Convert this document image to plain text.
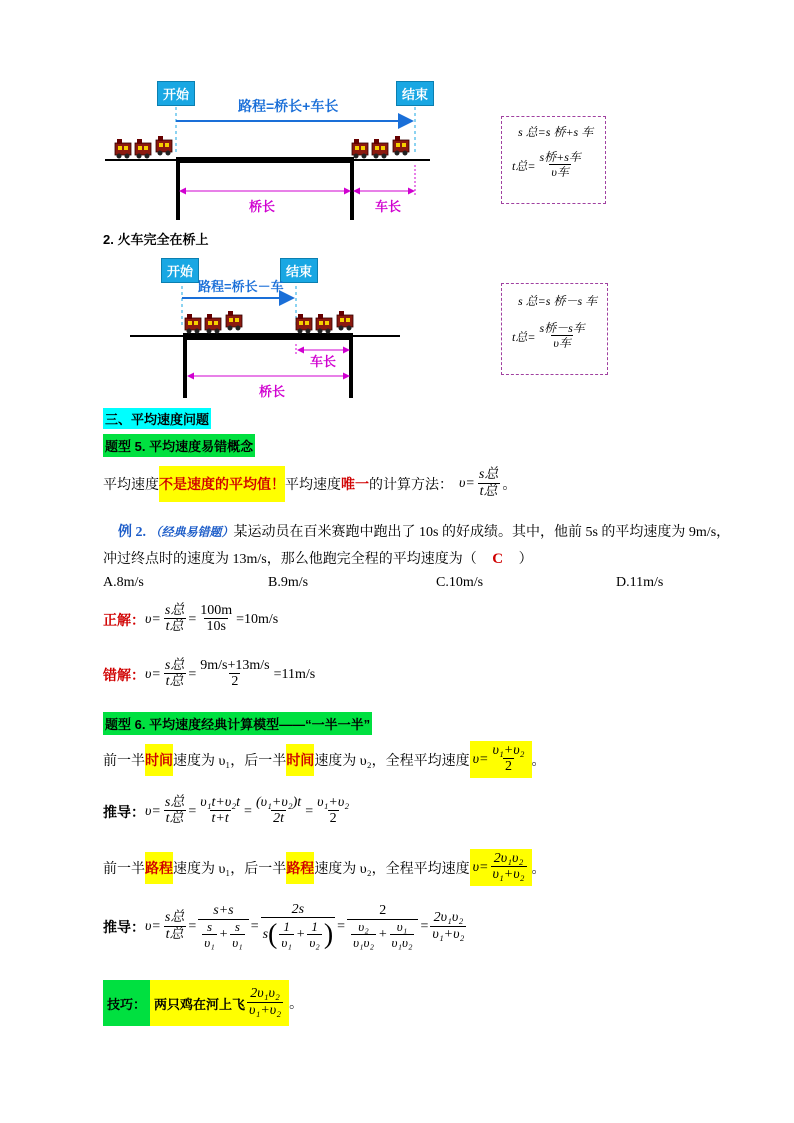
开始	结束
路程=桥长+车长
桥长	车长
s 总=s 桥+s 车
t总= $\frac{\text{s桥+s车}}{\text{υ车}}$
2. 火车完全在桥上
开始	结束
路程=桥长－车
车长
桥长
s 总=s 桥－s 车
t总= $\frac{\text{s桥－s车}}{\text{υ车}}$
三、平均速度问题
题型 5. 平均速度易错概念
平均速度 不是速度的平均值！ 平均速度 唯一 的计算方法： $\upsilon= \frac{\text{s总}}{\text{t总}}$ 。
例 2. （经典易错题）某运动员在百米赛跑中跑出了 10s 的好成绩。其中，他前 5s 的平均速度为 9m/s，
冲过终点时的速度为 13m/s，那么他跑完全程的平均速度为（ C ）
A.8m/s	B.9m/s	C.10m/s	D.11m/s
正解： $\upsilon= \frac{\text{s总}}{\text{t总}} = \frac{100m}{10s} =10m/s$
错解： $\upsilon= \frac{\text{s总}}{\text{t总}} = \frac{9m/s+13m/s}{2} =11m/s$
题型 6. 平均速度经典计算模型——“一半一半”
前一半 时间 速度为 υ₁，后一半 时间 速度为 υ₂，全程平均速度 $\upsilon= \frac{\text{υ₁+υ₂}}{2}$ 。
推导： $\upsilon= \frac{\text{s总}}{\text{t总}} = \frac{\text{υ₁t+υ₂t}}{t+t} = \frac{\text{(υ₁+υ₂)t}}{2t} = \frac{\text{υ₁+υ₂}}{2}$
前一半 路程 速度为 υ₁，后一半 路程 速度为 υ₂，全程平均速度 $\upsilon= \frac{\text{2υ₁υ₂}}{\text{υ₁+υ₂}}$ 。
推导： $\upsilon= \frac{\text{s总}}{\text{t总}} = \frac{s+s}{\frac{s}{\text{υ₁}} + \frac{s}{\text{υ₁}}} = \frac{2s}{s ( \frac{1}{\text{υ₁}} + \frac{1}{\text{υ₂}} )} = \frac{2}{\frac{\text{υ₂}}{\text{υ₁υ₂}} + \frac{\text{υ₁}}{\text{υ₁υ₂}}} = \frac{\text{2υ₁υ₂}}{\text{υ₁+υ₂}}$
技巧： 两只鸡在河上飞 $\frac{\text{2υ₁υ₂}}{\text{υ₁+υ₂}}$ 。
